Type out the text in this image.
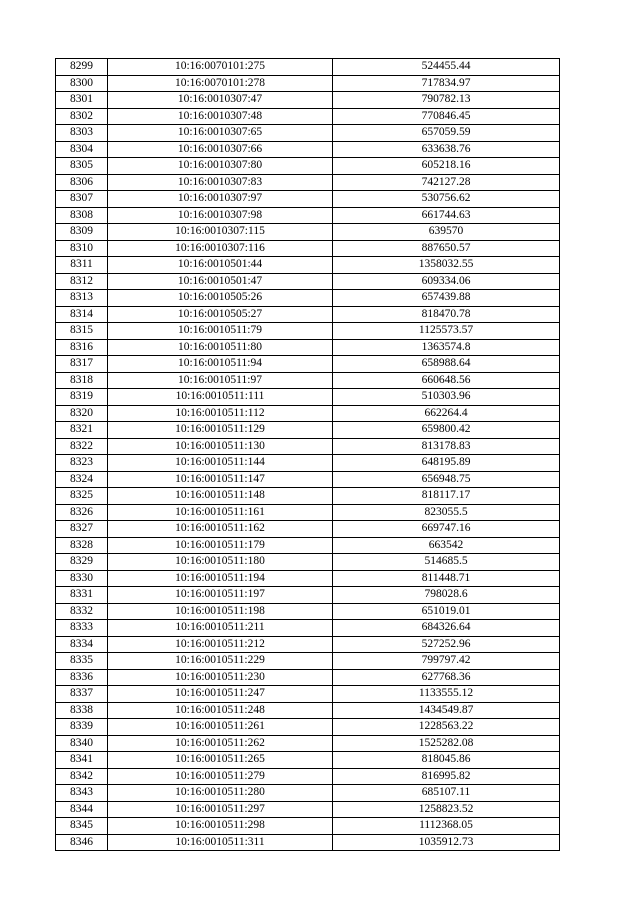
8299	10:16:0070101:275	524455.44
8300	10:16:0070101:278	717834.97
8301	10:16:0010307:47	790782.13
8302	10:16:0010307:48	770846.45
8303	10:16:0010307:65	657059.59
8304	10:16:0010307:66	633638.76
8305	10:16:0010307:80	605218.16
8306	10:16:0010307:83	742127.28
8307	10:16:0010307:97	530756.62
8308	10:16:0010307:98	661744.63
8309	10:16:0010307:115	639570
8310	10:16:0010307:116	887650.57
8311	10:16:0010501:44	1358032.55
8312	10:16:0010501:47	609334.06
8313	10:16:0010505:26	657439.88
8314	10:16:0010505:27	818470.78
8315	10:16:0010511:79	1125573.57
8316	10:16:0010511:80	1363574.8
8317	10:16:0010511:94	658988.64
8318	10:16:0010511:97	660648.56
8319	10:16:0010511:111	510303.96
8320	10:16:0010511:112	662264.4
8321	10:16:0010511:129	659800.42
8322	10:16:0010511:130	813178.83
8323	10:16:0010511:144	648195.89
8324	10:16:0010511:147	656948.75
8325	10:16:0010511:148	818117.17
8326	10:16:0010511:161	823055.5
8327	10:16:0010511:162	669747.16
8328	10:16:0010511:179	663542
8329	10:16:0010511:180	514685.5
8330	10:16:0010511:194	811448.71
8331	10:16:0010511:197	798028.6
8332	10:16:0010511:198	651019.01
8333	10:16:0010511:211	684326.64
8334	10:16:0010511:212	527252.96
8335	10:16:0010511:229	799797.42
8336	10:16:0010511:230	627768.36
8337	10:16:0010511:247	1133555.12
8338	10:16:0010511:248	1434549.87
8339	10:16:0010511:261	1228563.22
8340	10:16:0010511:262	1525282.08
8341	10:16:0010511:265	818045.86
8342	10:16:0010511:279	816995.82
8343	10:16:0010511:280	685107.11
8344	10:16:0010511:297	1258823.52
8345	10:16:0010511:298	1112368.05
8346	10:16:0010511:311	1035912.73
